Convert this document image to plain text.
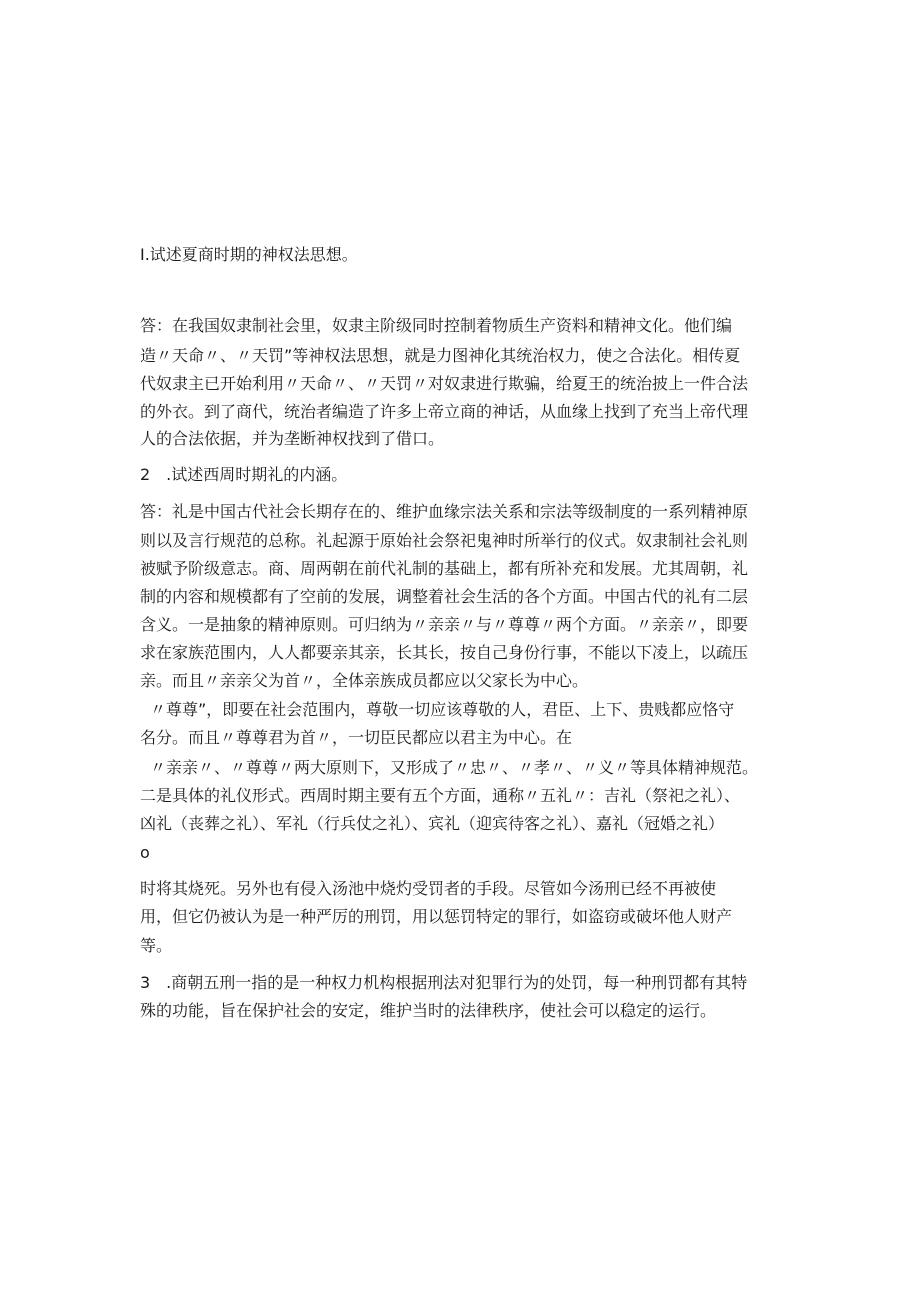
I.试述夏商时期的神权法思想。
答：在我国奴隶制社会里，奴隶主阶级同时控制着物质生产资料和精神文化。他们编
造〃天命〃、〃天罚”等神权法思想，就是力图神化其统治权力，使之合法化。相传夏
代奴隶主已开始利用〃天命〃、〃天罚〃对奴隶进行欺骗，给夏王的统治披上一件合法
的外衣。到了商代，统治者编造了许多上帝立商的神话，从血缘上找到了充当上帝代理
人的合法依据，并为垄断神权找到了借口。
2　.试述西周时期礼的内涵。
答：礼是中国古代社会长期存在的、维护血缘宗法关系和宗法等级制度的一系列精神原
则以及言行规范的总称。礼起源于原始社会祭祀鬼神时所举行的仪式。奴隶制社会礼则
被赋予阶级意志。商、周两朝在前代礼制的基础上，都有所补充和发展。尤其周朝，礼
制的内容和规模都有了空前的发展，调整着社会生活的各个方面。中国古代的礼有二层
含义。一是抽象的精神原则。可归纳为〃亲亲〃与〃尊尊〃两个方面。〃亲亲〃，即要
求在家族范围内，人人都要亲其亲，长其长，按自己身份行事，不能以下凌上，以疏压
亲。而且〃亲亲父为首〃，全体亲族成员都应以父家长为中心。
〃尊尊”，即要在社会范围内，尊敬一切应该尊敬的人，君臣、上下、贵贱都应恪守
名分。而且〃尊尊君为首〃，一切臣民都应以君主为中心。在
〃亲亲〃、〃尊尊〃两大原则下，又形成了〃忠〃、〃孝〃、〃义〃等具体精神规范。
二是具体的礼仪形式。西周时期主要有五个方面，通称〃五礼〃：吉礼（祭祀之礼）、
凶礼（丧葬之礼）、军礼（行兵仗之礼）、宾礼（迎宾待客之礼）、嘉礼（冠婚之礼）
o
时将其烧死。另外也有侵入汤池中烧灼受罚者的手段。尽管如今汤刑已经不再被使
用，但它仍被认为是一种严厉的刑罚，用以惩罚特定的罪行，如盗窃或破坏他人财产
等。
3　.商朝五刑一指的是一种权力机构根据刑法对犯罪行为的处罚，每一种刑罚都有其特
殊的功能，旨在保护社会的安定，维护当时的法律秩序，使社会可以稳定的运行。
